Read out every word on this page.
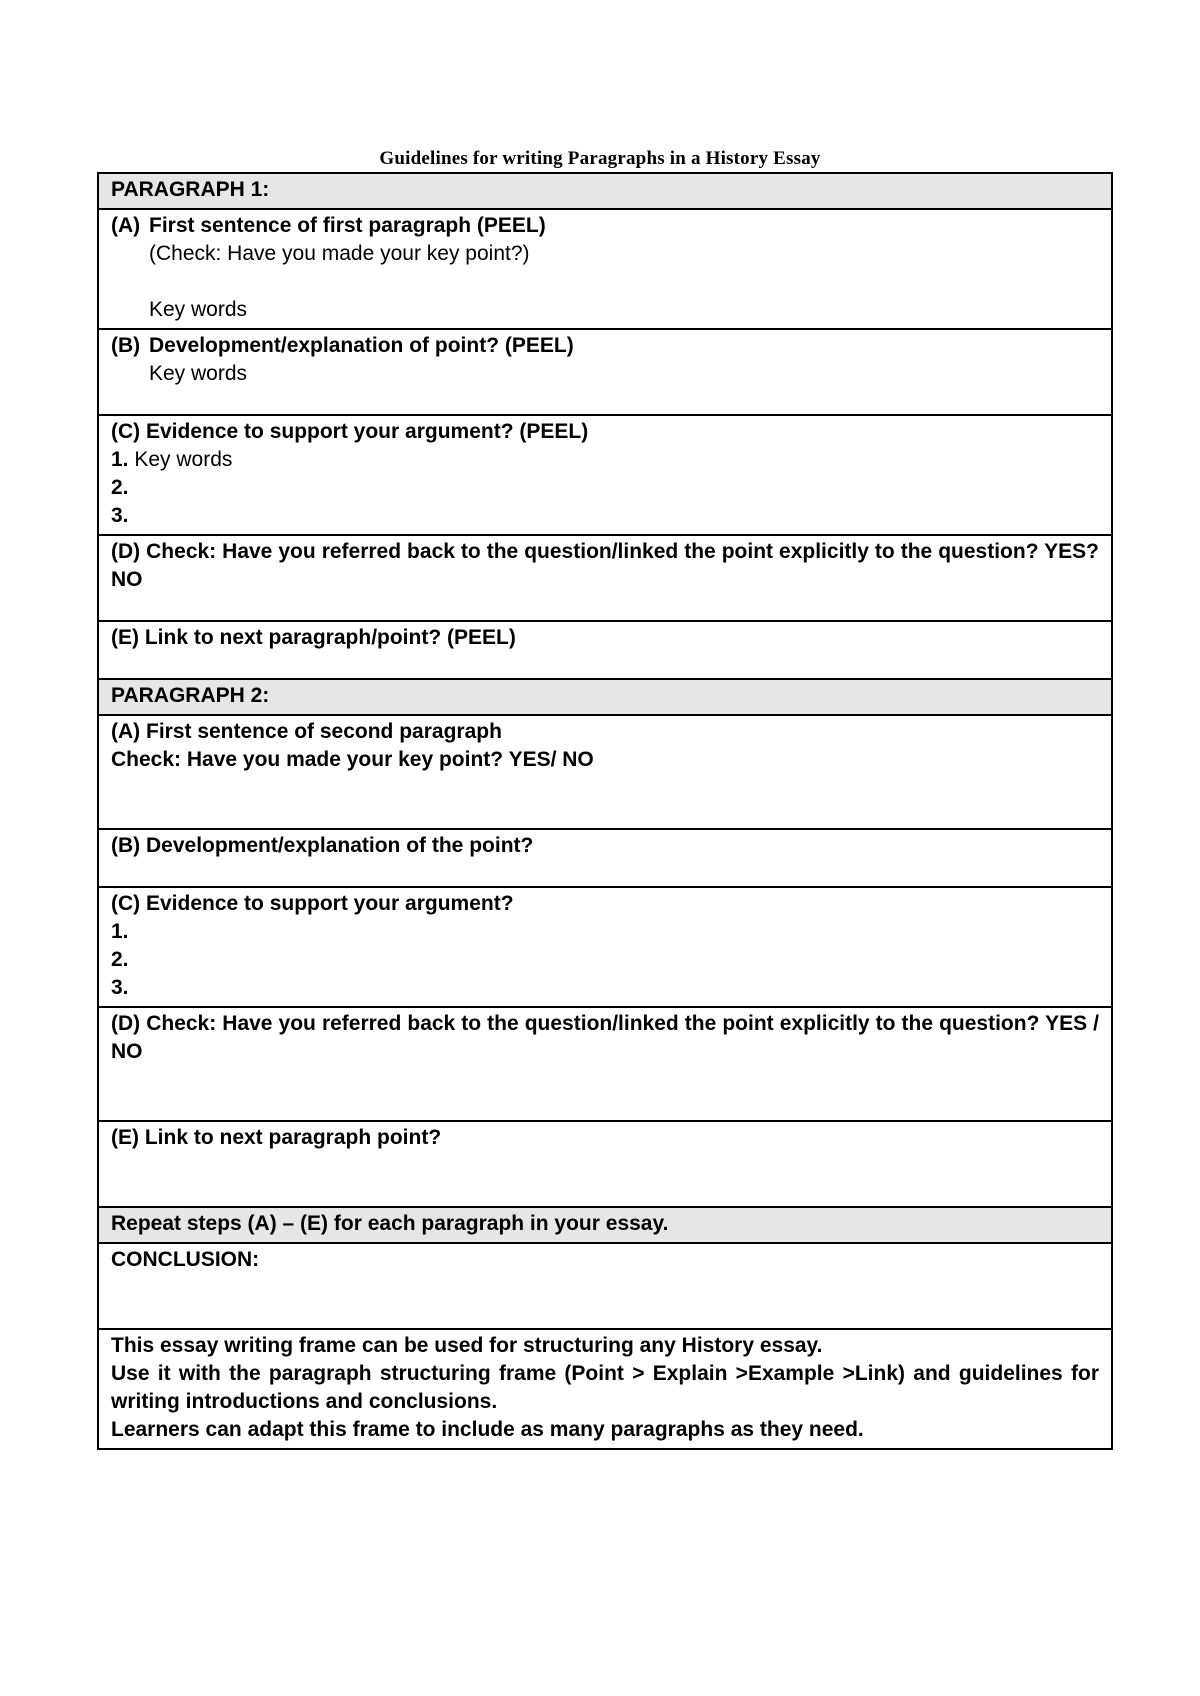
Guidelines for writing Paragraphs in a History Essay
PARAGRAPH 1:

(A) First sentence of first paragraph (PEEL)
(Check: Have you made your key point?)
Key words

(B) Development/explanation of point? (PEEL)
Key words

(C) Evidence to support your argument? (PEEL)
1. Key words
2.
3.

(D) Check: Have you referred back to the question/linked the point explicitly to the question? YES? NO

(E) Link to next paragraph/point? (PEEL)

PARAGRAPH 2:

(A) First sentence of second paragraph
Check: Have you made your key point? YES/ NO

(B) Development/explanation of the point?

(C) Evidence to support your argument?
1.
2.
3.

(D) Check: Have you referred back to the question/linked the point explicitly to the question? YES / NO

(E) Link to next paragraph point?

Repeat steps (A) – (E) for each paragraph in your essay.

CONCLUSION:

This essay writing frame can be used for structuring any History essay.
Use it with the paragraph structuring frame (Point > Explain >Example >Link) and guidelines for writing introductions and conclusions.
Learners can adapt this frame to include as many paragraphs as they need.
